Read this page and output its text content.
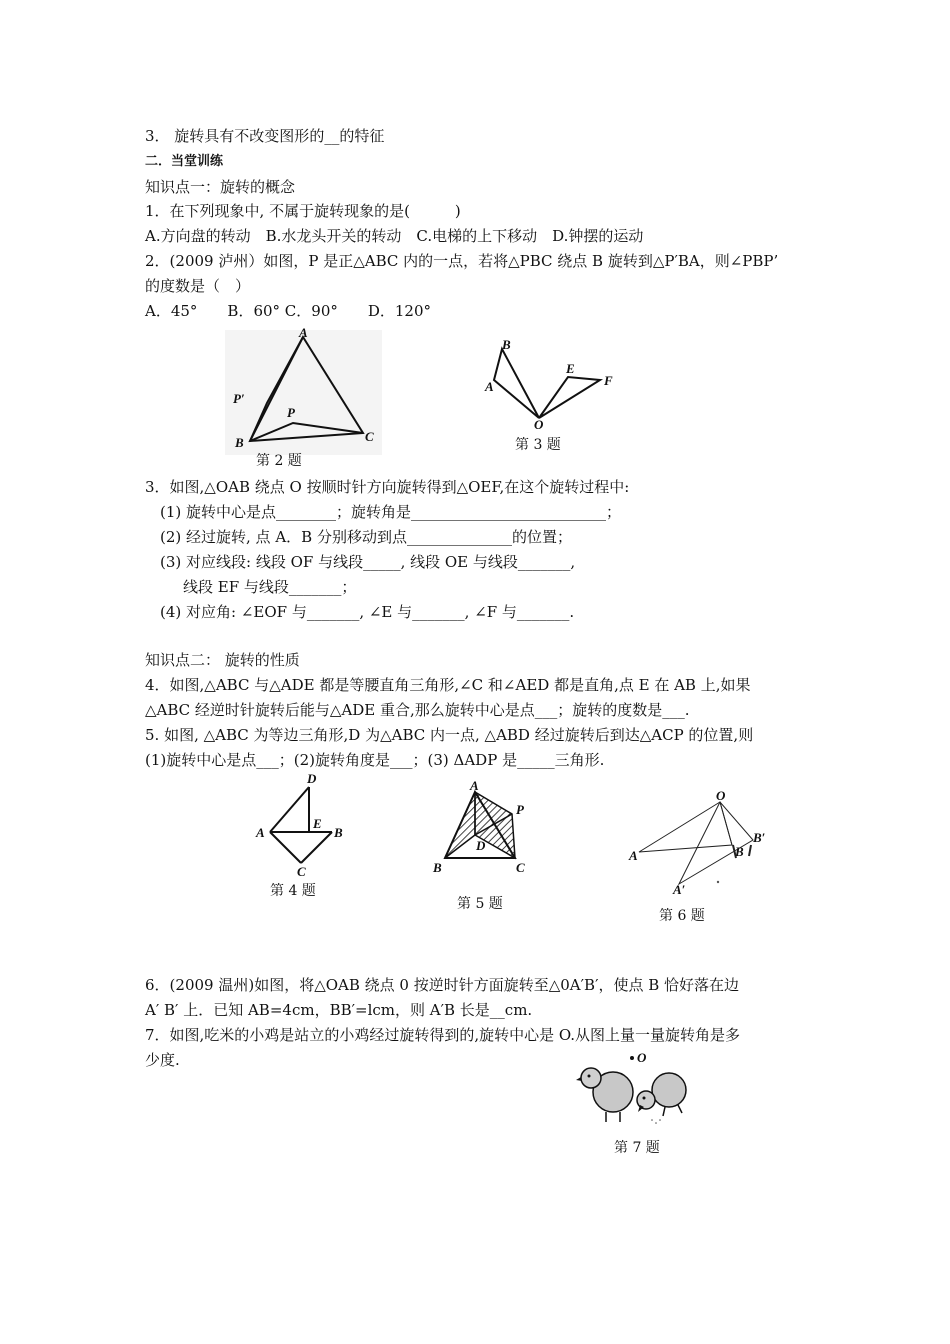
3． 旋转具有不改变图形的__的特征
二．当堂训练
知识点一：旋转的概念
1．在下列现象中, 不属于旋转现象的是(　　　)
A.方向盘的转动　B.水龙头开关的转动　C.电梯的上下移动　D.钟摆的运动
2．(2009 泸州）如图，P 是正△ABC 内的一点，若将△PBC 绕点 B 旋转到△P′BA，则∠PBP’
的度数是（　）
A．45°　　B．60° C．90°　　D．120°
A
B	C
P
P′
第 2 题
B
A
O
E
F
第 3 题
3．如图,△OAB 绕点 O 按顺时针方向旋转得到△OEF,在这个旋转过程中:
(1) 旋转中心是点________；旋转角是__________________________；
(2) 经过旋转, 点 A．B 分别移动到点______________的位置；
(3) 对应线段: 线段 OF 与线段_____, 线段 OE 与线段_______,
线段 EF 与线段_______；
(4) 对应角: ∠EOF 与_______, ∠E 与_______, ∠F 与_______.
知识点二： 旋转的性质
4．如图,△ABC 与△ADE 都是等腰直角三角形,∠C 和∠AED 都是直角,点 E 在 AB 上,如果
△ABC 经逆时针旋转后能与△ADE 重合,那么旋转中心是点___；旋转的度数是___.
5. 如图, △ABC 为等边三角形,D 为△ABC 内一点, △ABD 经过旋转后到达△ACP 的位置,则
(1)旋转中心是点___；(2)旋转角度是___；(3) ΔADP 是_____三角形.
D
A
E
B
C
第 4 题
A
P
D
B	C
第 5 题
O
A
A′
B
B′
第 6 题
6．(2009 温州)如图，将△OAB 绕点 0 按逆时针方面旋转至△0A′B′，使点 B 恰好落在边
A′ B′ 上．已知 AB=4cm，BB′=lcm，则 A′B 长是__cm.
7．如图,吃米的小鸡是站立的小鸡经过旋转得到的,旋转中心是 O.从图上量一量旋转角是多
少度.	O
第 7 题
